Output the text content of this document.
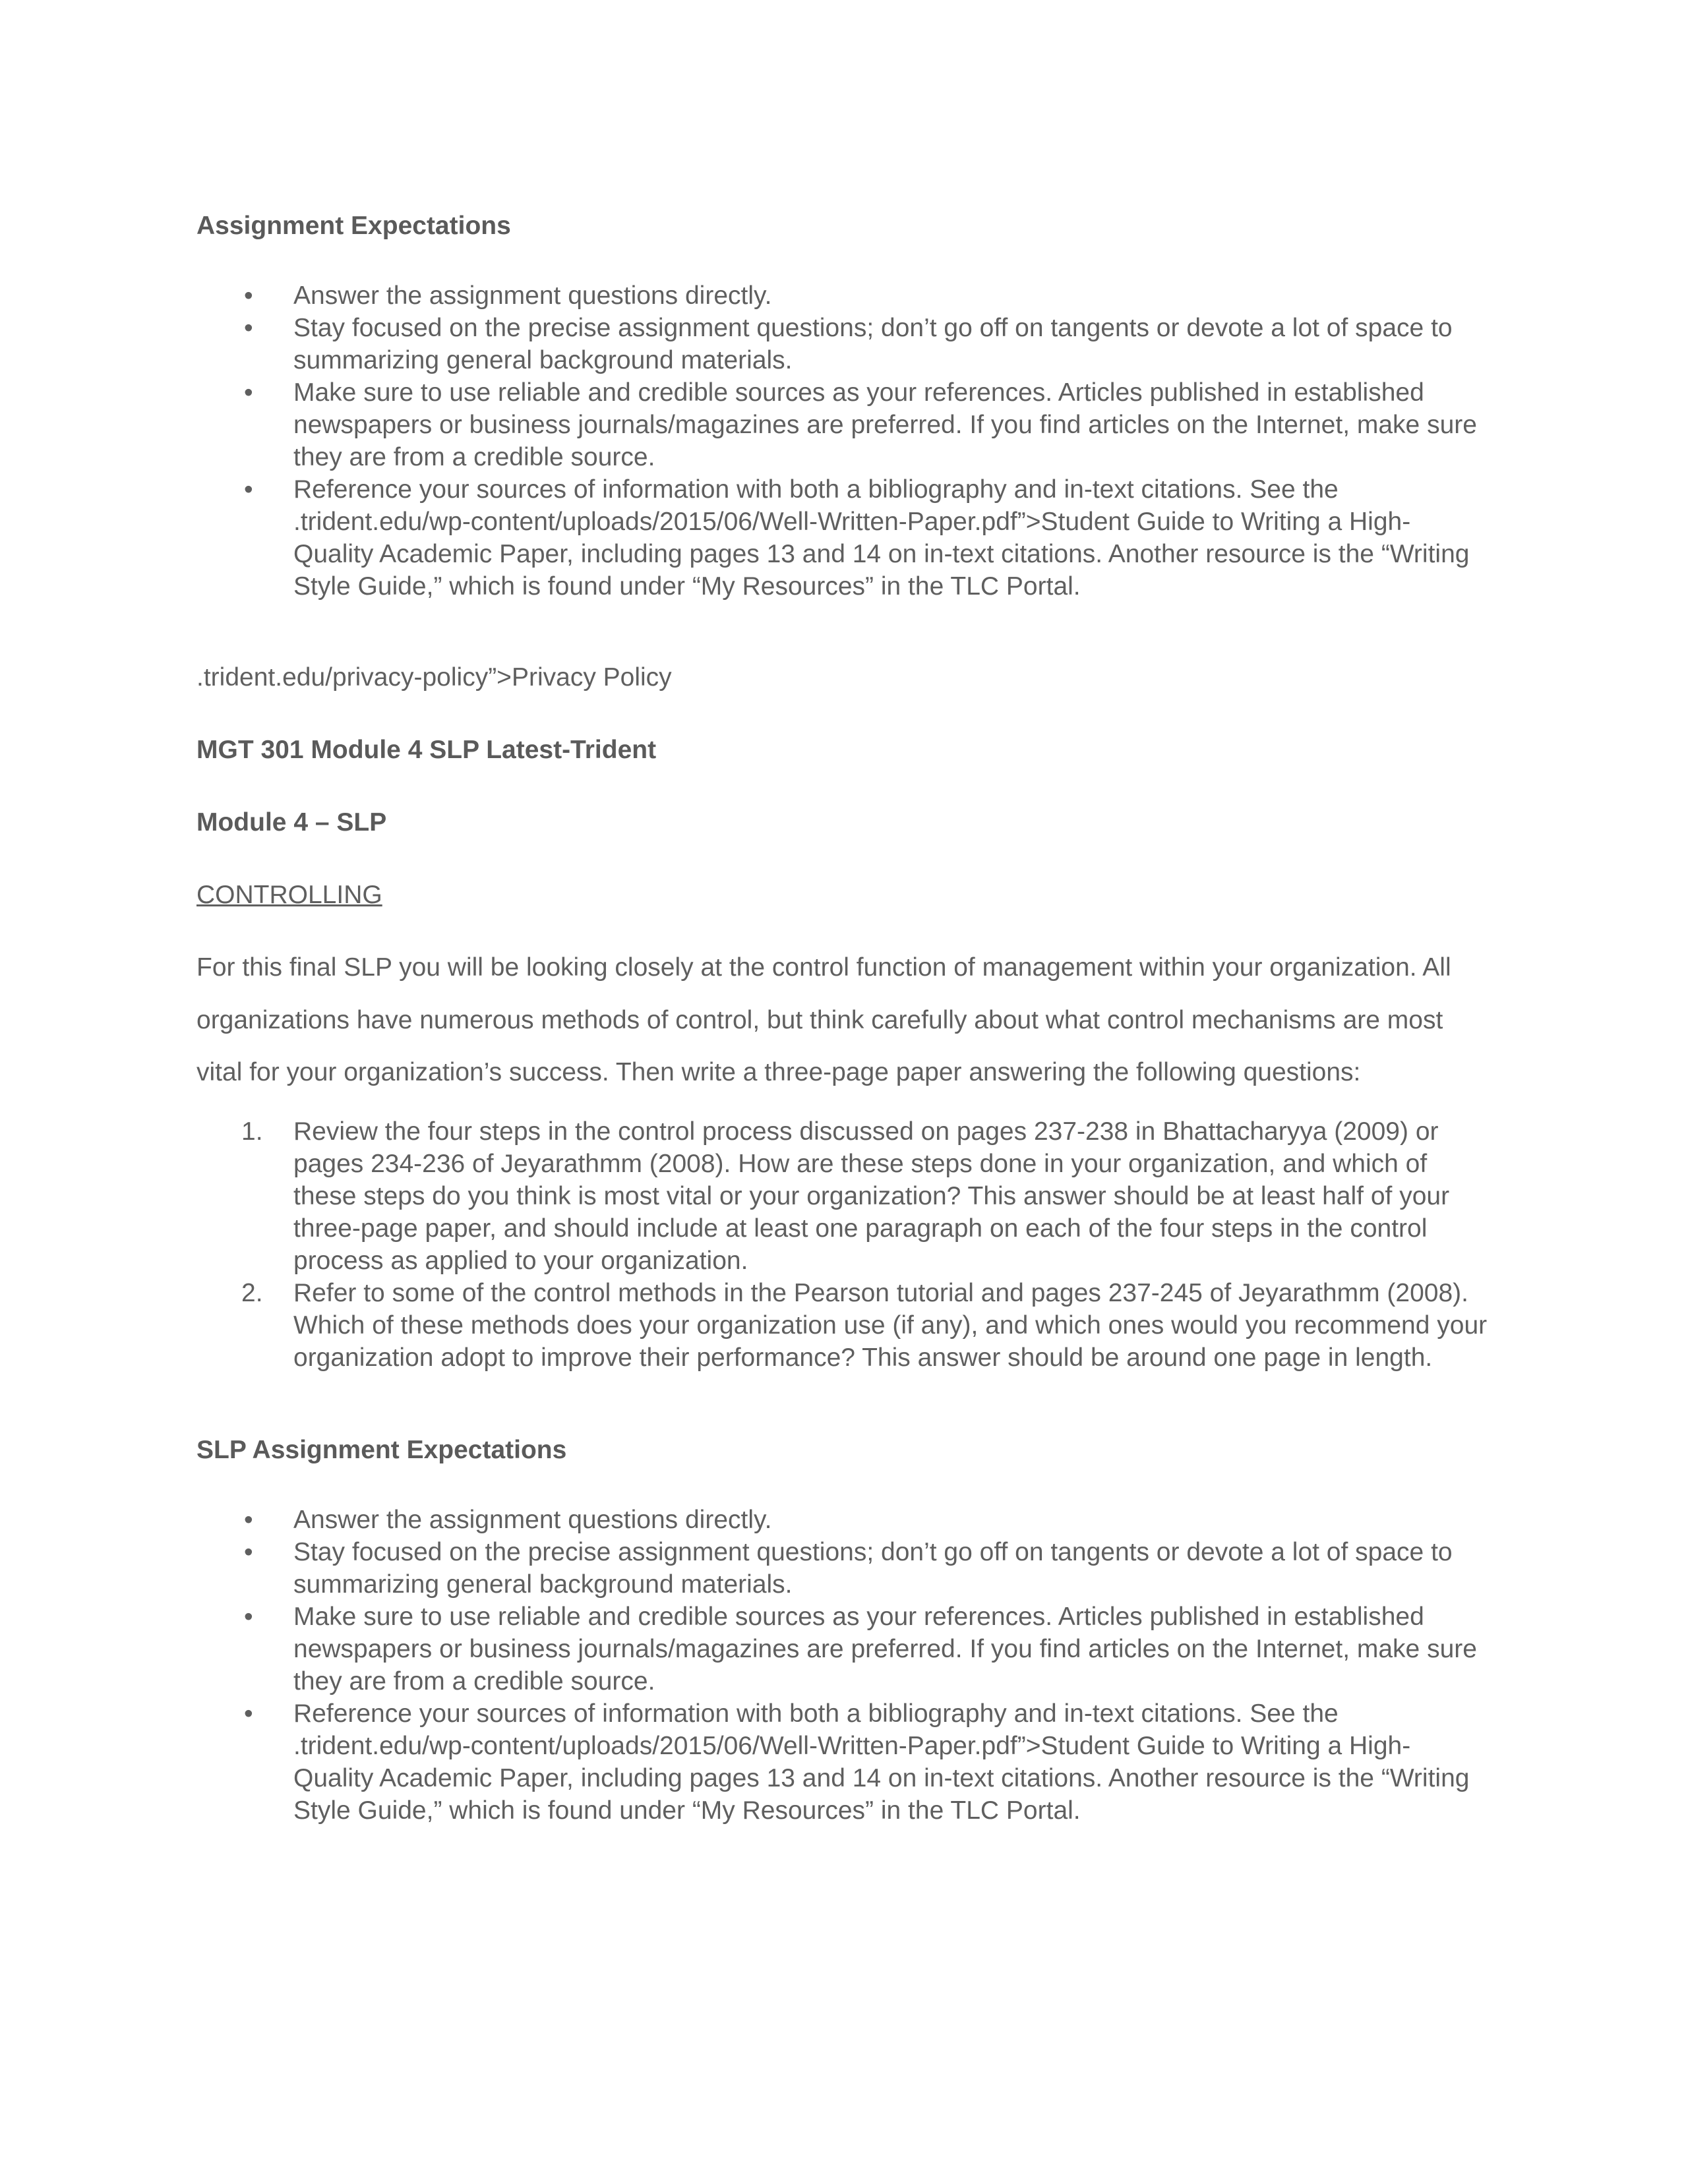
Assignment Expectations

•	Answer the assignment questions directly.
•	Stay focused on the precise assignment questions; don’t go off on tangents or devote a lot of space to summarizing general background materials.
•	Make sure to use reliable and credible sources as your references. Articles published in established newspapers or business journals/magazines are preferred. If you find articles on the Internet, make sure they are from a credible source.
•	Reference your sources of information with both a bibliography and in-text citations. See the .trident.edu/wp-content/uploads/2015/06/Well-Written-Paper.pdf”>Student Guide to Writing a High-Quality Academic Paper, including pages 13 and 14 on in-text citations. Another resource is the “Writing Style Guide,” which is found under “My Resources” in the TLC Portal.

.trident.edu/privacy-policy”>Privacy Policy

MGT 301 Module 4 SLP Latest-Trident

Module 4 – SLP

CONTROLLING

For this final SLP you will be looking closely at the control function of management within your organization. All organizations have numerous methods of control, but think carefully about what control mechanisms are most vital for your organization’s success. Then write a three-page paper answering the following questions:

1.	Review the four steps in the control process discussed on pages 237-238 in Bhattacharyya (2009) or pages 234-236 of Jeyarathmm (2008). How are these steps done in your organization, and which of these steps do you think is most vital or your organization? This answer should be at least half of your three-page paper, and should include at least one paragraph on each of the four steps in the control process as applied to your organization.
2.	Refer to some of the control methods in the Pearson tutorial and pages 237-245 of Jeyarathmm (2008). Which of these methods does your organization use (if any), and which ones would you recommend your organization adopt to improve their performance? This answer should be around one page in length.

SLP Assignment Expectations

•	Answer the assignment questions directly.
•	Stay focused on the precise assignment questions; don’t go off on tangents or devote a lot of space to summarizing general background materials.
•	Make sure to use reliable and credible sources as your references. Articles published in established newspapers or business journals/magazines are preferred. If you find articles on the Internet, make sure they are from a credible source.
•	Reference your sources of information with both a bibliography and in-text citations. See the .trident.edu/wp-content/uploads/2015/06/Well-Written-Paper.pdf”>Student Guide to Writing a High-Quality Academic Paper, including pages 13 and 14 on in-text citations. Another resource is the “Writing Style Guide,” which is found under “My Resources” in the TLC Portal.
